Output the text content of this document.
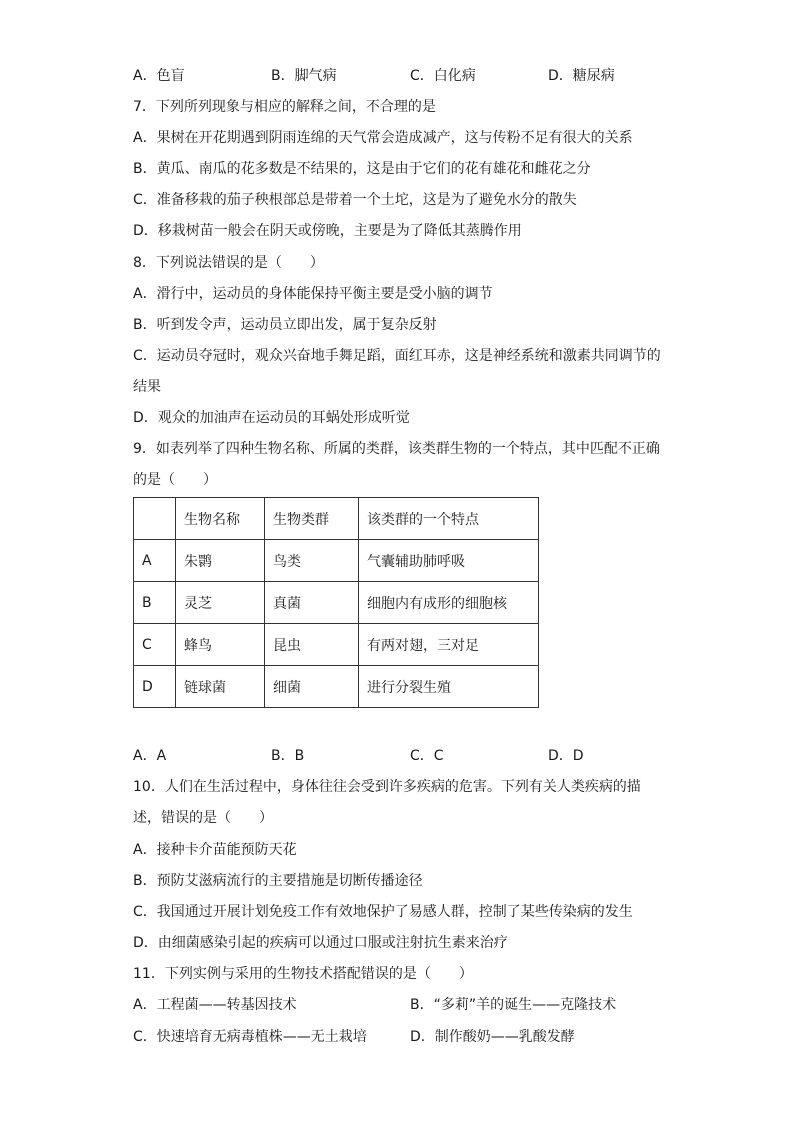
A．色盲	B．脚气病	C．白化病	D．糖尿病
7．下列所列现象与相应的解释之间，不合理的是
A．果树在开花期遇到阴雨连绵的天气常会造成减产，这与传粉不足有很大的关系
B．黄瓜、南瓜的花多数是不结果的，这是由于它们的花有雄花和雌花之分
C．准备移栽的茄子秧根部总是带着一个土坨，这是为了避免水分的散失
D．移栽树苗一般会在阴天或傍晚，主要是为了降低其蒸腾作用
8．下列说法错误的是（　　）
A．滑行中，运动员的身体能保持平衡主要是受小脑的调节
B．听到发令声，运动员立即出发，属于复杂反射
C．运动员夺冠时，观众兴奋地手舞足蹈，面红耳赤，这是神经系统和激素共同调节的
结果
D．观众的加油声在运动员的耳蜗处形成听觉
9．如表列举了四种生物名称、所属的类群，该类群生物的一个特点，其中匹配不正确
的是（　　）
	生物名称	生物类群	该类群的一个特点
A	朱鹮	鸟类	气囊辅助肺呼吸
B	灵芝	真菌	细胞内有成形的细胞核
C	蜂鸟	昆虫	有两对翅，三对足
D	链球菌	细菌	进行分裂生殖
A．A	B．B	C．C	D．D
10．人们在生活过程中，身体往往会受到许多疾病的危害。下列有关人类疾病的描
述，错误的是（　　）
A．接种卡介苗能预防天花
B．预防艾滋病流行的主要措施是切断传播途径
C．我国通过开展计划免疫工作有效地保护了易感人群，控制了某些传染病的发生
D．由细菌感染引起的疾病可以通过口服或注射抗生素来治疗
11．下列实例与采用的生物技术搭配错误的是（　　）
A．工程菌——转基因技术	B．“多莉”羊的诞生——克隆技术
C．快速培育无病毒植株——无土栽培	D．制作酸奶——乳酸发酵
